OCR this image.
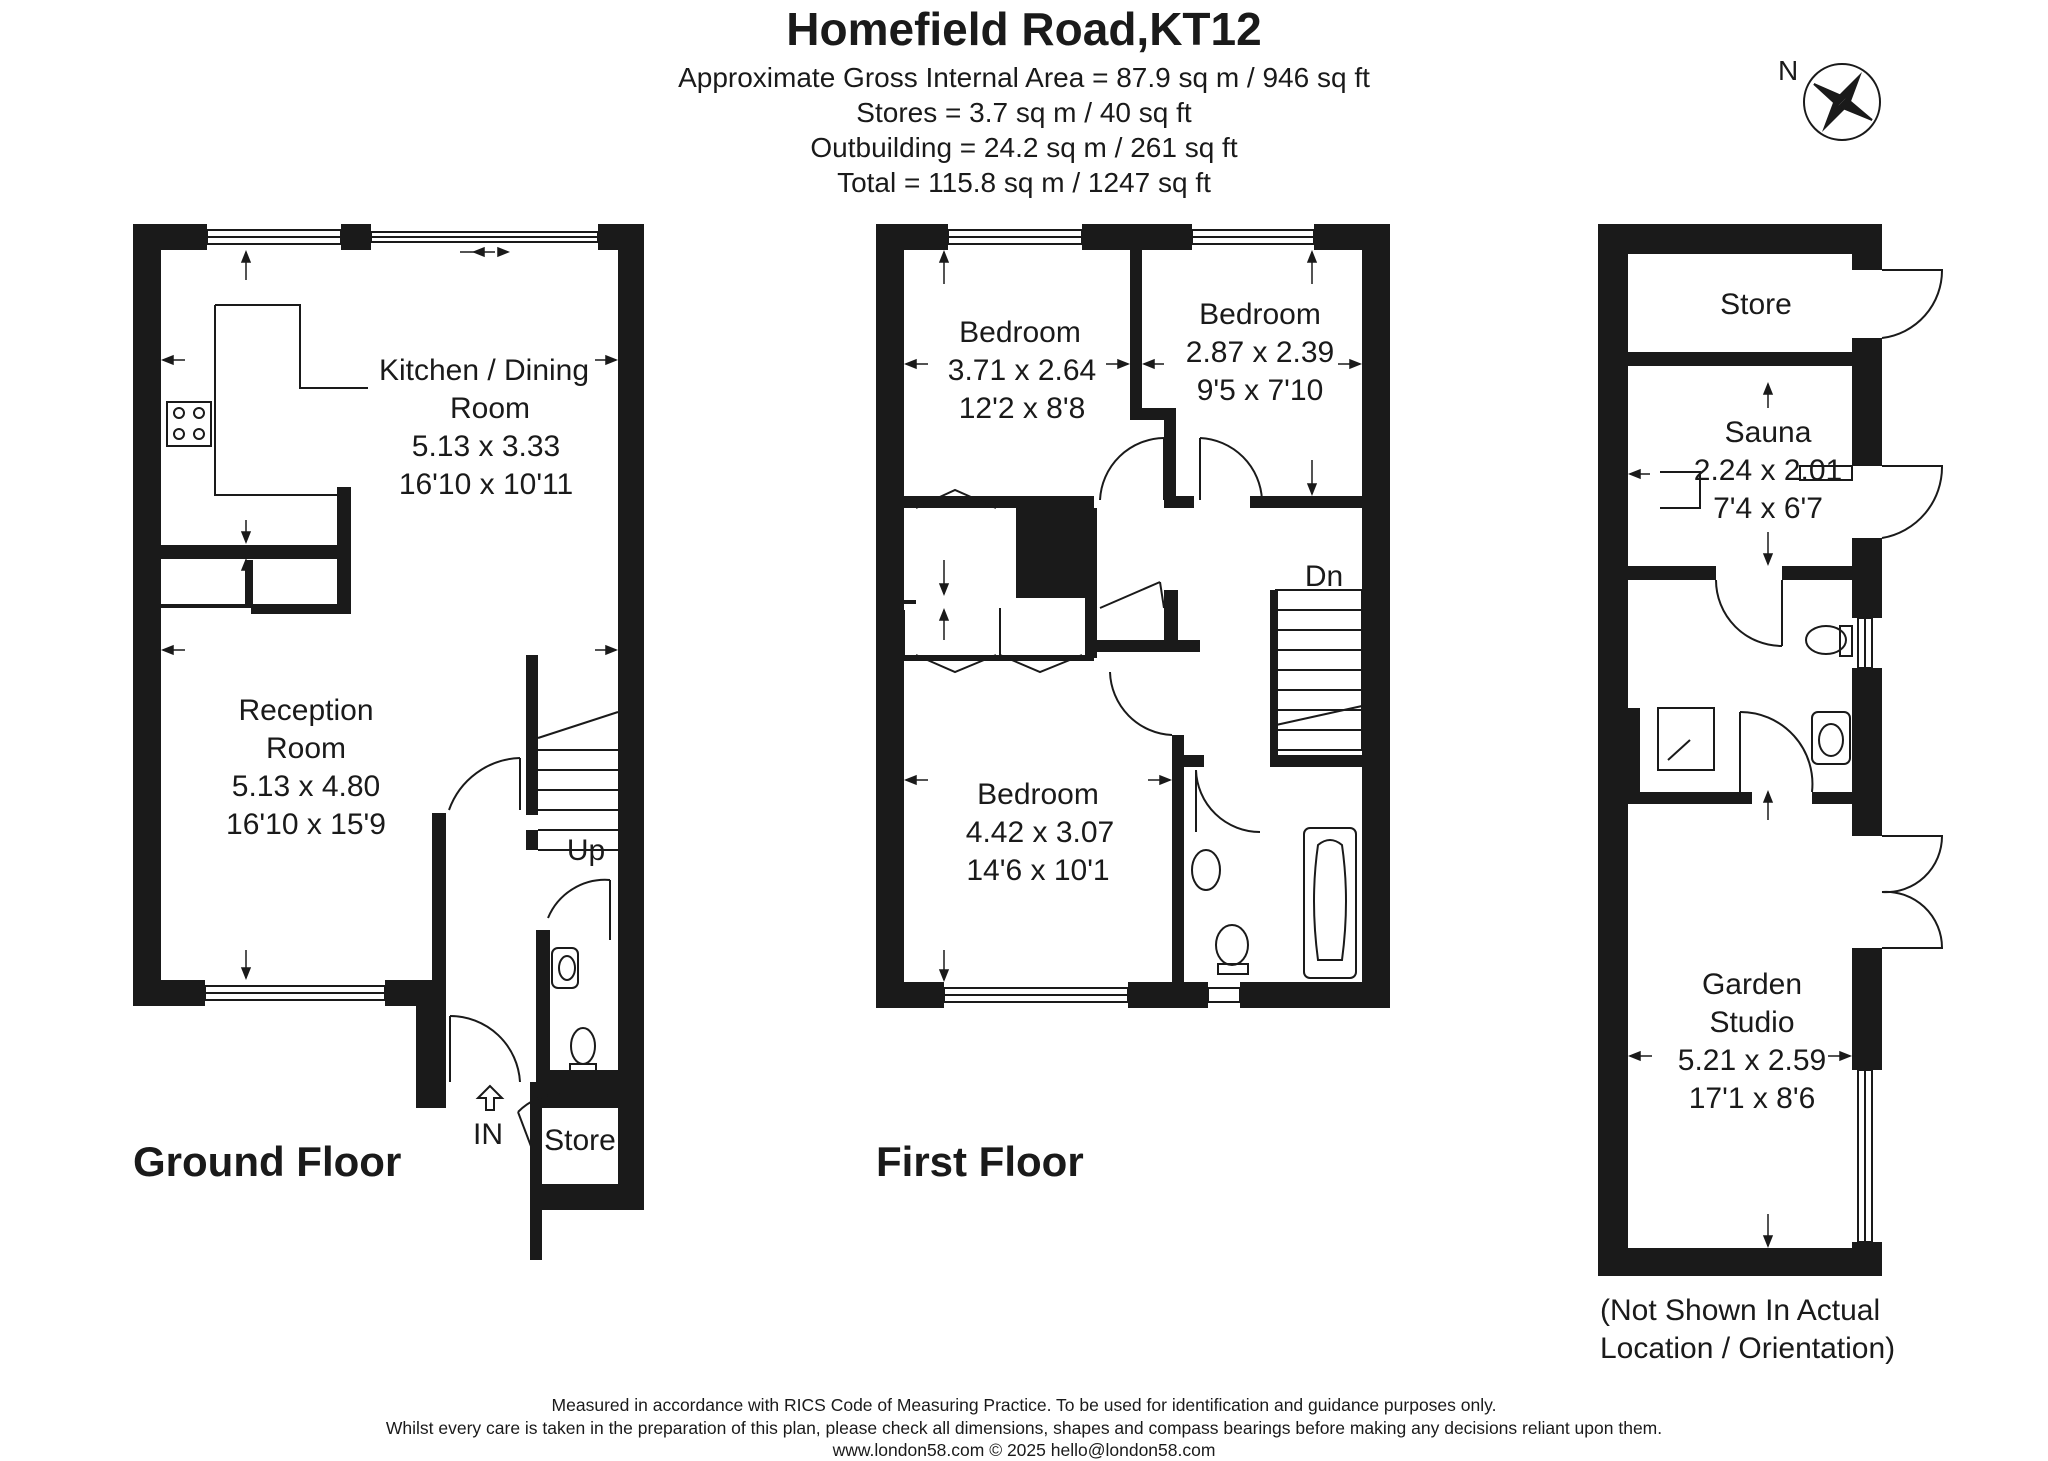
Homefield Road,KT12
Approximate Gross Internal Area = 87.9 sq m / 946 sq ft
Stores = 3.7 sq m / 40 sq ft
Outbuilding = 24.2 sq m / 261 sq ft
Total = 115.8 sq m / 1247 sq ft
N
Kitchen / Dining
Room
5.13 x 3.33
16'10 x 10'11
Reception
Room
5.13 x 4.80
16'10 x 15'9
Up
IN Store
Ground Floor
Bedroom
3.71 x 2.64
12'2 x 8'8
Bedroom
2.87 x 2.39
9'5 x 7'10
Bedroom
4.42 x 3.07
14'6 x 10'1
Dn
First Floor
Store
Sauna
2.24 x 2.01
7'4 x 6'7
Garden
Studio
5.21 x 2.59
17'1 x 8'6
(Not Shown In Actual
Location / Orientation)
Measured in accordance with RICS Code of Measuring Practice. To be used for identification and guidance purposes only.
Whilst every care is taken in the preparation of this plan, please check all dimensions, shapes and compass bearings before making any decisions reliant upon them.
www.london58.com © 2025 hello@london58.com
